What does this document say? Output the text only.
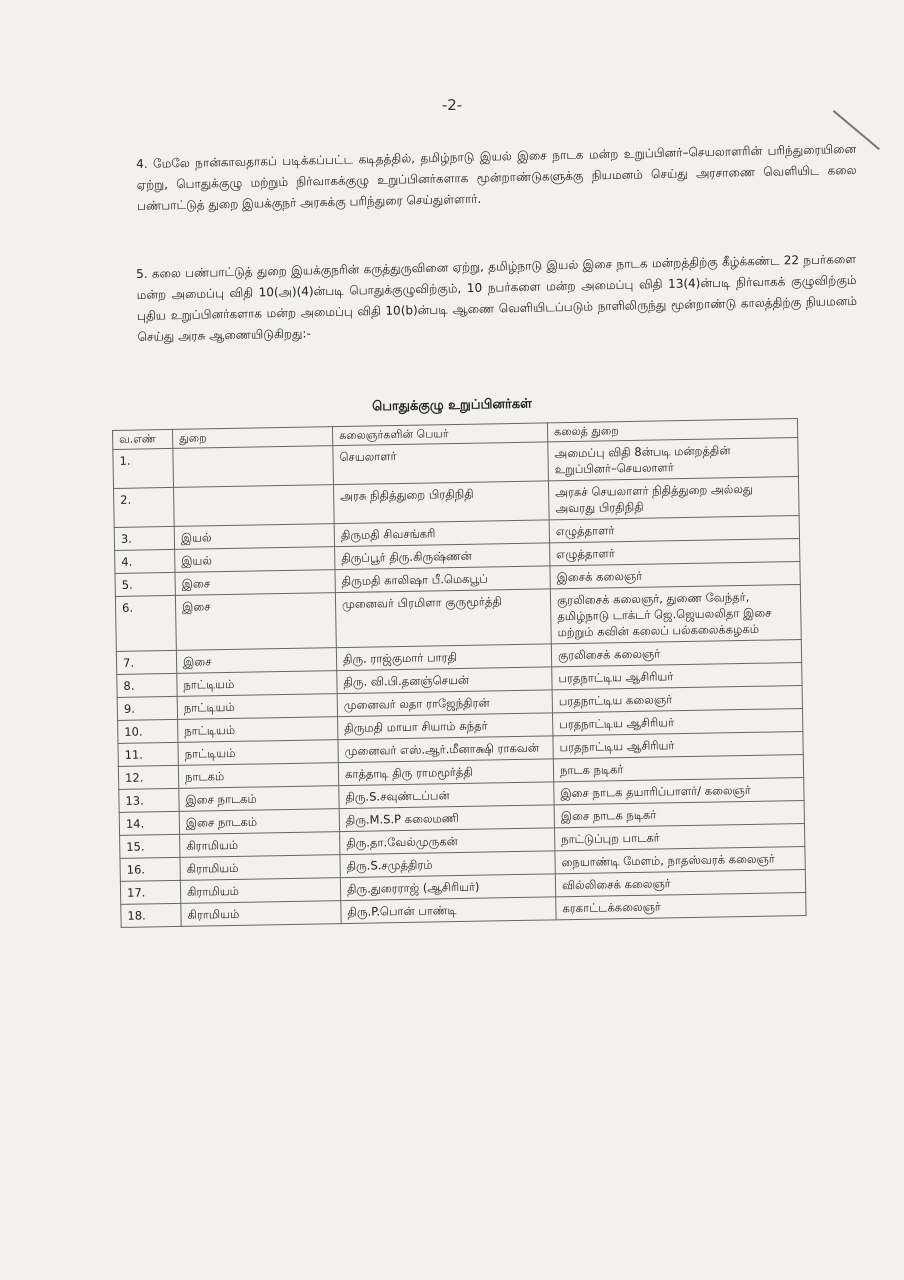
-2-

4. மேலே நான்காவதாகப் படிக்கப்பட்ட கடிதத்தில், தமிழ்நாடு இயல் இசை நாடக மன்ற உறுப்பினர்–செயலாளரின் பரிந்துரையினை ஏற்று, பொதுக்குழு மற்றும் நிர்வாகக்குழு உறுப்பினர்களாக மூன்றாண்டுகளுக்கு நியமனம் செய்து அரசாணை வெளியிட கலை பண்பாட்டுத் துறை இயக்குநர் அரசுக்கு பரிந்துரை செய்துள்ளார்.

5. கலை பண்பாட்டுத் துறை இயக்குநரின் கருத்துருவினை ஏற்று, தமிழ்நாடு இயல் இசை நாடக மன்றத்திற்கு கீழ்க்கண்ட 22 நபர்களை மன்ற அமைப்பு விதி 10(அ)(4)ன்படி பொதுக்குழுவிற்கும், 10 நபர்களை மன்ற அமைப்பு விதி 13(4)ன்படி நிர்வாகக் குழுவிற்கும் புதிய உறுப்பினர்களாக மன்ற அமைப்பு விதி 10(b)ன்படி ஆணை வெளியிடப்படும் நாளிலிருந்து மூன்றாண்டு காலத்திற்கு நியமனம் செய்து அரசு ஆணையிடுகிறது:-

பொதுக்குழு உறுப்பினர்கள்
வ.எண்	துறை	கலைஞர்களின் பெயர்	கலைத் துறை
1.		செயலாளர்	அமைப்பு விதி 8ன்படி மன்றத்தின் உறுப்பினர்–செயலாளர்
2.		அரசு நிதித்துறை பிரதிநிதி	அரசுச் செயலாளர் நிதித்துறை அல்லது அவரது பிரதிநிதி
3.	இயல்	திருமதி சிவசங்கரி	எழுத்தாளர்
4.	இயல்	திருப்பூர் திரு.கிருஷ்ணன்	எழுத்தாளர்
5.	இசை	திருமதி காலிஷா பீ.மெகபூப்	இசைக் கலைஞர்
6.	இசை	முனைவர் பிரமிளா குருமூர்த்தி	குரலிசைக் கலைஞர், துணை வேந்தர், தமிழ்நாடு டாக்டர் ஜெ.ஜெயலலிதா இசை மற்றும் கவின் கலைப் பல்கலைக்கழகம்
7.	இசை	திரு. ராஜ்குமார் பாரதி	குரலிசைக் கலைஞர்
8.	நாட்டியம்	திரு. வி.பி.தனஞ்செயன்	பரதநாட்டிய ஆசிரியர்
9.	நாட்டியம்	முனைவர் லதா ராஜேந்திரன்	பரதநாட்டிய கலைஞர்
10.	நாட்டியம்	திருமதி மாயா சியாம் சுந்தர்	பரதநாட்டிய ஆசிரியர்
11.	நாட்டியம்	முனைவர் எஸ்.ஆர்.மீனாக்ஷி ராகவன்	பரதநாட்டிய ஆசிரியர்
12.	நாடகம்	காத்தாடி திரு ராமமூர்த்தி	நாடக நடிகர்
13.	இசை நாடகம்	திரு.S.சவுண்டப்பன்	இசை நாடக தயாரிப்பாளர்/ கலைஞர்
14.	இசை நாடகம்	திரு.M.S.P கலைமணி	இசை நாடக நடிகர்
15.	கிராமியம்	திரு.தா.வேல்முருகன்	நாட்டுப்புற பாடகர்
16.	கிராமியம்	திரு.S.சமுத்திரம்	நையாண்டி மேளம், நாதஸ்வரக் கலைஞர்
17.	கிராமியம்	திரு.துரைராஜ் (ஆசிரியர்)	வில்லிசைக் கலைஞர்
18.	கிராமியம்	திரு.P.பொன் பாண்டி	கரகாட்டக்கலைஞர்
